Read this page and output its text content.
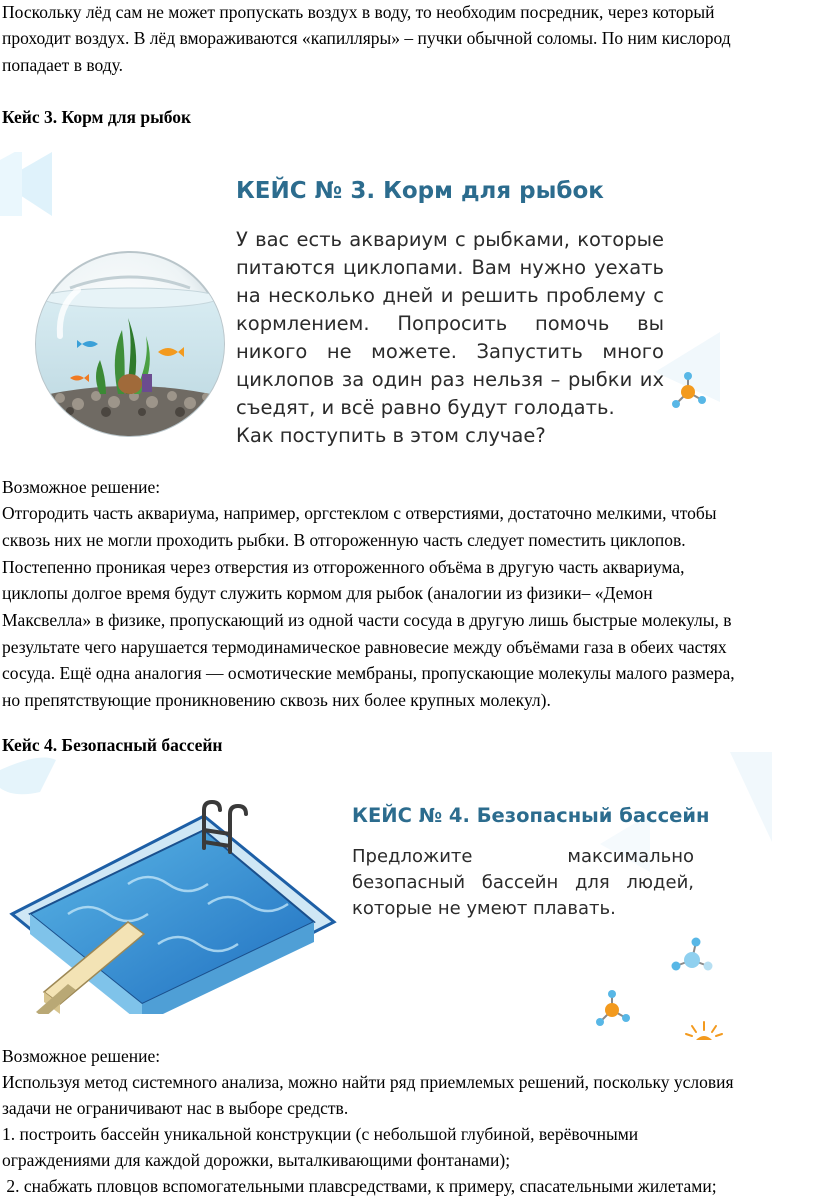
Поскольку лёд сам не может пропускать воздух в воду, то необходим посредник, через который

проходит воздух. В лёд вмораживаются «капилляры» – пучки обычной соломы. По ним кислород

попадает в воду.

Кейс 3. Корм для рыбок

КЕЙС № 3. Корм для рыбок
У вас есть аквариум с рыбками, которые питаются циклопами. Вам нужно уехать на несколько дней и решить проблему с кормлением. Попросить помочь вы никого не можете. Запустить много циклопов за один раз нельзя – рыбки их съедят, и всё равно будут голодать.
Как поступить в этом случае?

Возможное решение:

Отгородить часть аквариума, например, оргстеклом с отверстиями, достаточно мелкими, чтобы

сквозь них не могли проходить рыбки. В отгороженную часть следует поместить циклопов.

Постепенно проникая через отверстия из отгороженного объёма в другую часть аквариума,

циклопы долгое время будут служить кормом для рыбок (аналогии из физики– «Демон

Максвелла» в физике, пропускающий из одной части сосуда в другую лишь быстрые молекулы, в

результате чего нарушается термодинамическое равновесие между объёмами газа в обеих частях

сосуда. Ещё одна аналогия — осмотические мембраны, пропускающие молекулы малого размера,

но препятствующие проникновению сквозь них более крупных молекул).

Кейс 4. Безопасный бассейн

КЕЙС № 4. Безопасный бассейн
Предложите максимально безопасный бассейн для людей, которые не умеют плавать.

Возможное решение:

Используя метод системного анализа, можно найти ряд приемлемых решений, поскольку условия

задачи не ограничивают нас в выборе средств.

1. построить бассейн уникальной конструкции (с небольшой глубиной, верёвочными

ограждениями для каждой дорожки, выталкивающими фонтанами);

2. снабжать пловцов вспомогательными плавсредствами, к примеру, спасательными жилетами;
